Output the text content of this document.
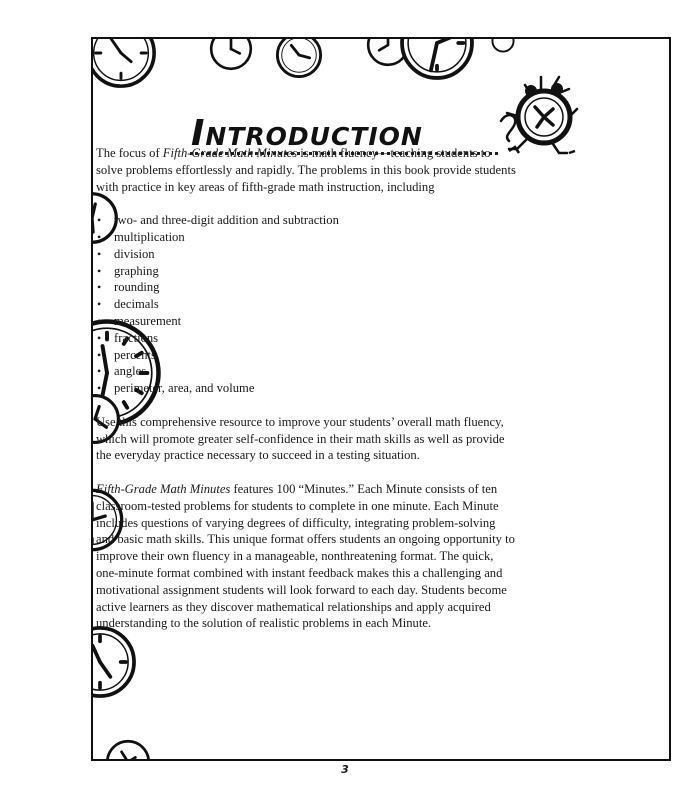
INTRODUCTION

The focus of Fifth-Grade Math Minutes is math fluency—teaching students to solve problems effortlessly and rapidly. The problems in this book provide students with practice in key areas of fifth-grade math instruction, including

• two- and three-digit addition and subtraction
• multiplication
• division
• graphing
• rounding
• decimals
• measurement
• fractions
• percents
• angles
• perimeter, area, and volume

Use this comprehensive resource to improve your students’ overall math fluency, which will promote greater self-confidence in their math skills as well as provide the everyday practice necessary to succeed in a testing situation.

Fifth-Grade Math Minutes features 100 “Minutes.” Each Minute consists of ten classroom-tested problems for students to complete in one minute. Each Minute includes questions of varying degrees of difficulty, integrating problem-solving and basic math skills. This unique format offers students an ongoing opportunity to improve their own fluency in a manageable, nonthreatening format. The quick, one-minute format combined with instant feedback makes this a challenging and motivational assignment students will look forward to each day. Students become active learners as they discover mathematical relationships and apply acquired understanding to the solution of realistic problems in each Minute.

3
